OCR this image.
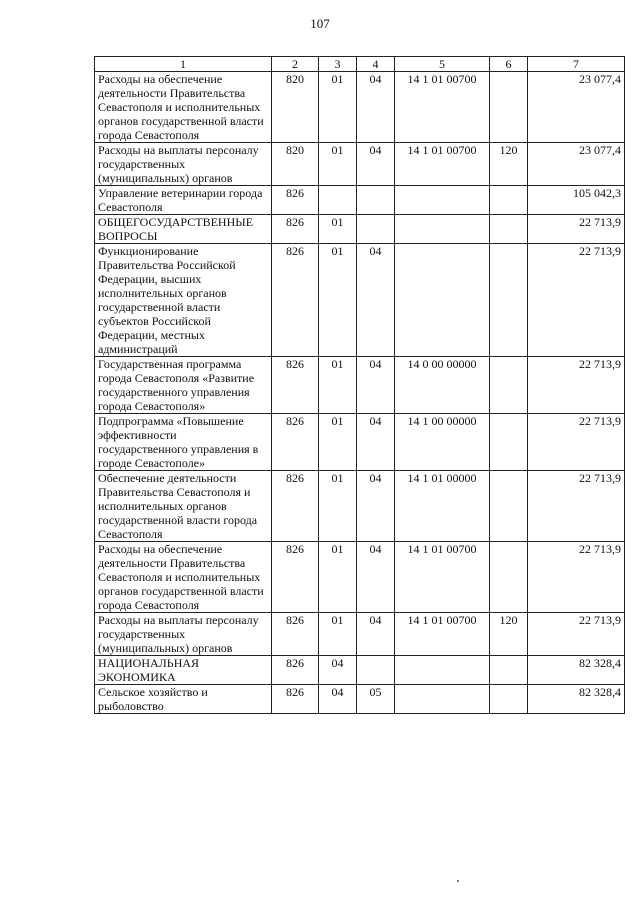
107
1	2	3	4	5	6	7
Расходы на обеспечение деятельности Правительства Севастополя и исполнительных органов государственной власти города Севастополя	820	01	04	14 1 01 00700		23 077,4
Расходы на выплаты персоналу государственных (муниципальных) органов	820	01	04	14 1 01 00700	120	23 077,4
Управление ветеринарии города Севастополя	826					105 042,3
ОБЩЕГОСУДАРСТВЕННЫЕ ВОПРОСЫ	826	01				22 713,9
Функционирование Правительства Российской Федерации, высших исполнительных органов государственной власти субъектов Российской Федерации, местных администраций	826	01	04			22 713,9
Государственная программа города Севастополя «Развитие государственного управления города Севастополя»	826	01	04	14 0 00 00000		22 713,9
Подпрограмма «Повышение эффективности государственного управления в городе Севастополе»	826	01	04	14 1 00 00000		22 713,9
Обеспечение деятельности Правительства Севастополя и исполнительных органов государственной власти города Севастополя	826	01	04	14 1 01 00000		22 713,9
Расходы на обеспечение деятельности Правительства Севастополя и исполнительных органов государственной власти города Севастополя	826	01	04	14 1 01 00700		22 713,9
Расходы на выплаты персоналу государственных (муниципальных) органов	826	01	04	14 1 01 00700	120	22 713,9
НАЦИОНАЛЬНАЯ ЭКОНОМИКА	826	04				82 328,4
Сельское хозяйство и рыболовство	826	04	05			82 328,4
